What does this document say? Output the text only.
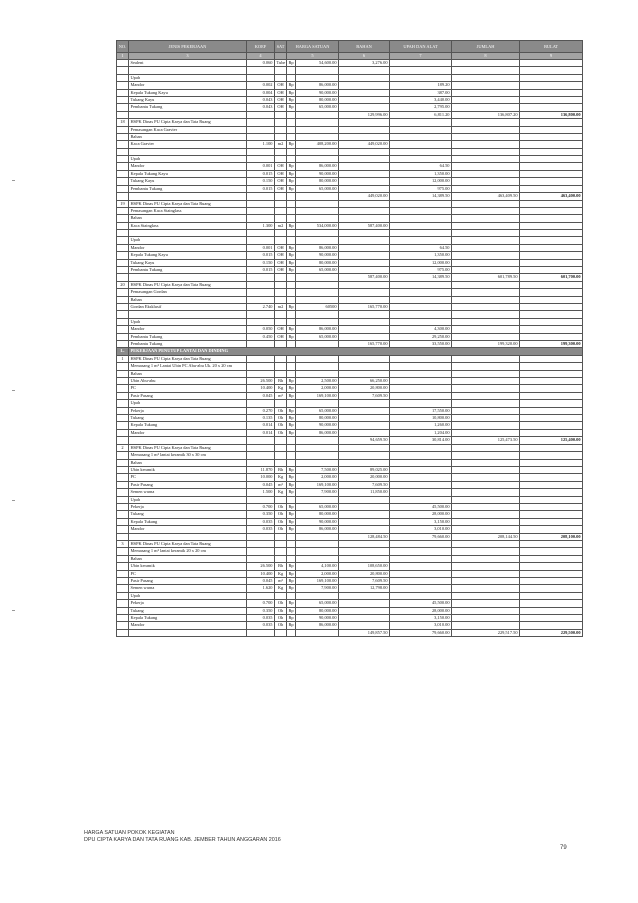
NO.	JENIS PEKERJAAN	KOEF	SAT	HARGA SATUAN		BAHAN	UPAH DAN ALAT	JUMLAH	BULAT
1	3	4		5		6	7	8	9
	Sealent	0.060	Tube	Rp	54,600.00	3,276.00			

	Upah								
	Mandor	0.002	OH	Rp	86,000.00		189.20		
	Kepala Tukang Kayu	0.004	OH	Rp	90,000.00		387.00		
	Tukang Kayu	0.043	OH	Rp	80,000.00		3,440.00		
	Pembantu Tukang	0.043	OH	Rp	65,000.00		2,795.00		
						129,996.00	6,811.20	136,807.20	136,800.00
18	HSPK Dinas PU Cipta Karya dan Tata Ruang								
	Pemasangan Kaca Gravier								
	Bahan								
	Kaca Gravier	1.100	m2	Rp	408,200.00	449,020.00			

	Upah								
	Mandor	0.001	OH	Rp	86,000.00		64.50		
	Kepala Tukang Kayu	0.015	OH	Rp	90,000.00		1,350.00		
	Tukang Kayu	0.150	OH	Rp	80,000.00		12,000.00		
	Pembantu Tukang	0.015	OH	Rp	65,000.00		975.00		
						449,020.00	14,389.50	463,409.50	463,400.00
19	HSPK Dinas PU Cipta Karya dan Tata Ruang								
	Pemasangan Kaca Stainglass								
	Bahan								
	Kaca Stainglass	1.300	m2	Rp	534,000.00	587,400.00			

	Upah								
	Mandor	0.001	OH	Rp	86,000.00		64.50		
	Kepala Tukang Kayu	0.015	OH	Rp	90,000.00		1,350.00		
	Tukang Kayu	0.150	OH	Rp	80,000.00		12,000.00		
	Pembantu Tukang	0.015	OH	Rp	65,000.00		975.00		
						587,400.00	14,389.50	601,789.50	601,700.00
20	HSPK Dinas PU Cipta Karya dan Tata Ruang								
	Pemasangan Gordan								
	Bahan								
	Gordan Eksklusif	2.740	m2	Rp	60500	165,770.00			

	Upah								
	Mandor	0.050	OH	Rp	86,000.00		4,300.00		
	Pembantu Tukang	0.450	OH	Rp	65,000.00		29,250.00		
	Pembantu Tukang					165,770.00	33,550.00	199,320.00	199,300.00
L.	PEKERJAAN PENUTUP LANTAI DAN DINDING								
1	HSPK Dinas PU Cipta Karya dan Tata Ruang								
	Memasang 1 m² Lantai Ubin PC Abu-abu Uk. 20 x 20 cm								
	Bahan								
	Ubin Abu-abu	26.500	Bh	Rp	2,500.00	66,250.00			
	PC	10.400	Kg	Rp	2,000.00	20,800.00			
	Pasir Pasang	0.045	m³	Rp	169,100.00	7,609.50			
	Upah								
	Pekerja	0.270	Oh	Rp	65,000.00		17,550.00		
	Tukang	0.135	Oh	Rp	80,000.00		10,800.00		
	Kepala Tukang	0.014	Oh	Rp	90,000.00		1,260.00		
	Mandor	0.014	Oh	Rp	86,000.00		1,204.00		
						94,659.50	30,814.00	125,473.50	125,400.00
2	HSPK Dinas PU Cipta Karya dan Tata Ruang								
	Memasang 1 m² lantai keramik 30 x 30 cm								
	Bahan								
	Ubin keramik	11.870	Bh	Rp	7,500.00	89,025.00			
	PC	10.000	Kg	Rp	2,000.00	20,000.00			
	Pasir Pasang	0.045	m³	Rp	169,100.00	7,609.50			
	Semen warna	1.500	Kg	Rp	7,900.00	11,850.00			
	Upah								
	Pekerja	0.700	Oh	Rp	65,000.00		45,500.00		
	Tukang	0.350	Oh	Rp	80,000.00		28,000.00		
	Kepala Tukang	0.035	Oh	Rp	90,000.00		3,150.00		
	Mandor	0.035	Oh	Rp	86,000.00		3,010.00		
						128,484.50	79,660.00	208,144.50	208,100.00
3	HSPK Dinas PU Cipta Karya dan Tata Ruang								
	Memasang 1 m² lantai keramik 20 x 20 cm								
	Bahan								
	Ubin keramik	26.500	Bh	Rp	4,100.00	108,650.00			
	PC	10.400	Kg	Rp	2,000.00	20,800.00			
	Pasir Pasang	0.045	m³	Rp	169,100.00	7,609.50			
	Semen warna	1.620	Kg	Rp	7,900.00	12,798.00			
	Upah								
	Pekerja	0.700	Oh	Rp	65,000.00		45,500.00		
	Tukang	0.350	Oh	Rp	80,000.00		28,000.00		
	Kepala Tukang	0.035	Oh	Rp	90,000.00		3,150.00		
	Mandor	0.035	Oh	Rp	86,000.00		3,010.00		
						149,857.50	79,660.00	229,517.50	229,500.00
HARGA SATUAN POKOK KEGIATAN
DPU CIPTA KARYA DAN TATA RUANG KAB. JEMBER TAHUN ANGGARAN 2016
79
